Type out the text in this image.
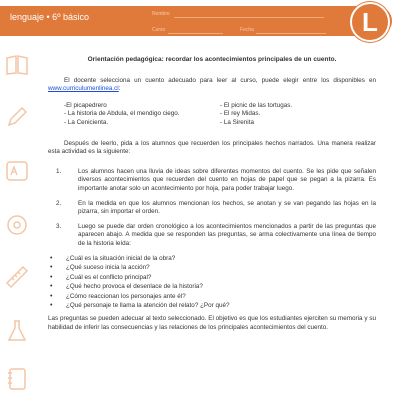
lenguaje • 6º básico	Nombre
Curso	Fecha	L
Orientación pedagógica: recordar los acontecimientos principales de un cuento.

El docente selecciona un cuento adecuado para leer al curso, puede elegir entre los disponibles en www.curriculumenlinea.cl:

-El picapedrero
- La historia de Abdula, el mendigo ciego.
- La Cenicienta.
- El picnic de las tortugas.
- El rey Midas.
- La Sirenita

Después de leerlo, pida a los alumnos que recuerden los principales hechos narrados. Una manera realizar esta actividad es la siguiente:

1.	Los alumnos hacen una lluvia de ideas sobre diferentes momentos del cuento. Se les pide que señalen diversos acontecimientos que recuerden del cuento en hojas de papel que se pegan a la pizarra. Es importante anotar solo un acontecimiento por hoja, para poder trabajar luego.
2.	En la medida en que los alumnos mencionan los hechos, se anotan y se van pegando las hojas en la pizarra, sin importar el orden.
3.	Luego se puede dar orden cronológico a los acontecimientos mencionados a partir de las preguntas que aparecen abajo. A medida que se responden las preguntas, se arma colectivamente una línea de tiempo de la historia leída:
•	¿Cuál es la situación inicial de la obra?
•	¿Qué suceso inicia la acción?
•	¿Cuál es el conflicto principal?
•	¿Qué hecho provoca el desenlace de la historia?
•	¿Cómo reaccionan los personajes ante él?
•	¿Qué personaje te llama la atención del relato? ¿Por qué?

Las preguntas se pueden adecuar al texto seleccionado. El objetivo es que los estudiantes ejerciten su memoria y su habilidad de inferir las consecuencias y las relaciones de los principales acontecimientos del cuento.
